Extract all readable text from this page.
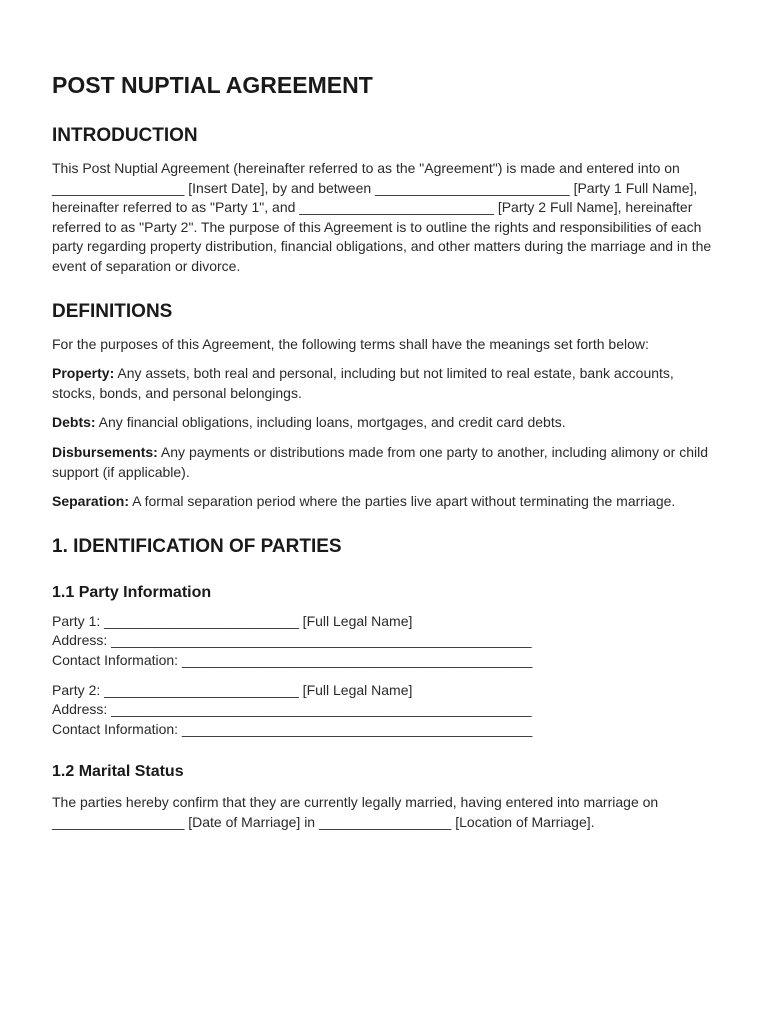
POST NUPTIAL AGREEMENT
INTRODUCTION

This Post Nuptial Agreement (hereinafter referred to as the "Agreement") is made and entered into on _________________ [Insert Date], by and between _________________________ [Party 1 Full Name], hereinafter referred to as "Party 1", and _________________________ [Party 2 Full Name], hereinafter referred to as "Party 2". The purpose of this Agreement is to outline the rights and responsibilities of each party regarding property distribution, financial obligations, and other matters during the marriage and in the event of separation or divorce.

DEFINITIONS

For the purposes of this Agreement, the following terms shall have the meanings set forth below:

Property: Any assets, both real and personal, including but not limited to real estate, bank accounts, stocks, bonds, and personal belongings.

Debts: Any financial obligations, including loans, mortgages, and credit card debts.

Disbursements: Any payments or distributions made from one party to another, including alimony or child support (if applicable).

Separation: A formal separation period where the parties live apart without terminating the marriage.

1. IDENTIFICATION OF PARTIES
1.1 Party Information

Party 1: _________________________ [Full Legal Name]

Address: ______________________________________________________

Contact Information: _____________________________________________

Party 2: _________________________ [Full Legal Name]

Address: ______________________________________________________

Contact Information: _____________________________________________

1.2 Marital Status

The parties hereby confirm that they are currently legally married, having entered into marriage on _________________ [Date of Marriage] in _________________ [Location of Marriage].
